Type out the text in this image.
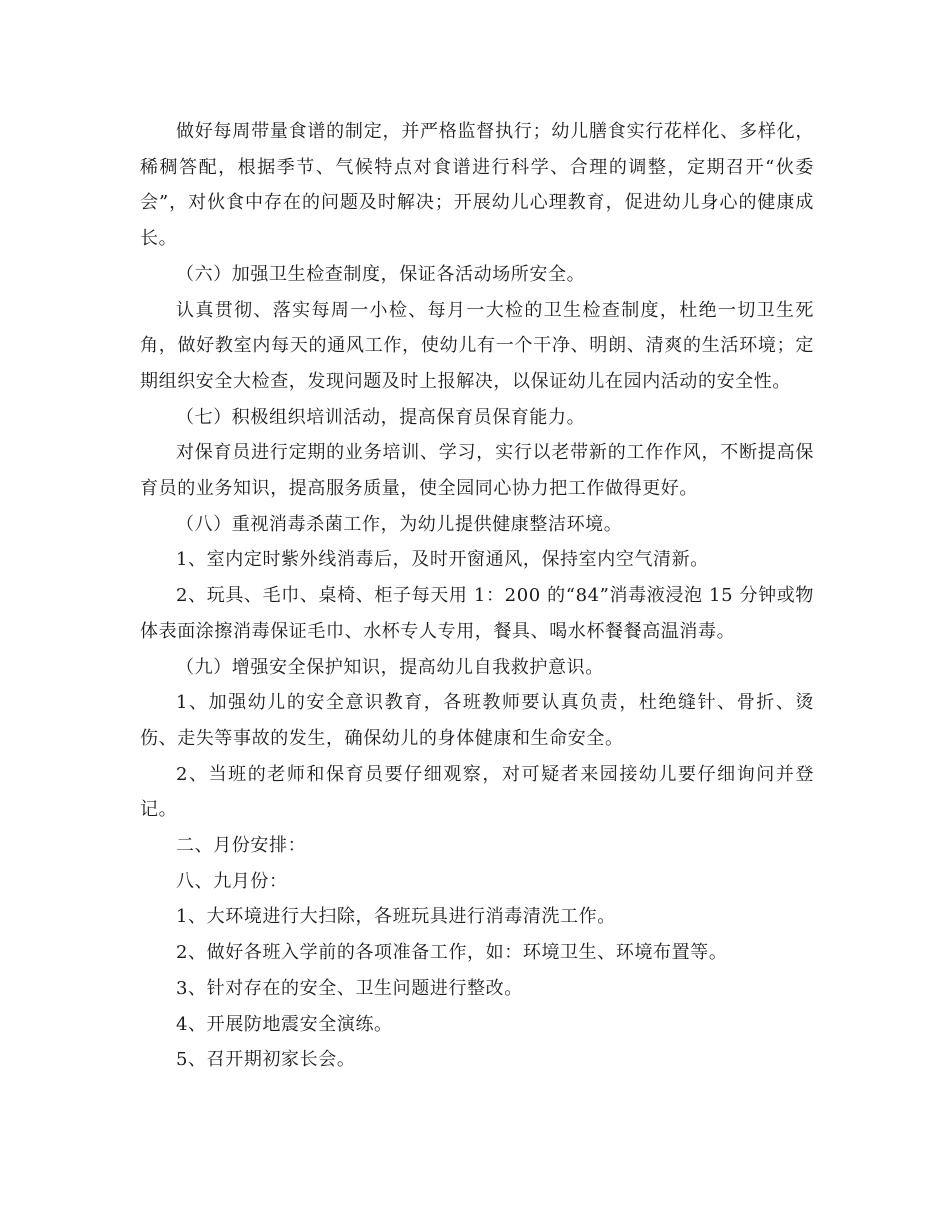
做好每周带量食谱的制定，并严格监督执行；幼儿膳食实行花样化、多样化，稀稠答配，根据季节、气候特点对食谱进行科学、合理的调整，定期召开“伙委会”，对伙食中存在的问题及时解决；开展幼儿心理教育，促进幼儿身心的健康成长。

（六）加强卫生检查制度，保证各活动场所安全。

认真贯彻、落实每周一小检、每月一大检的卫生检查制度，杜绝一切卫生死角，做好教室内每天的通风工作，使幼儿有一个干净、明朗、清爽的生活环境；定期组织安全大检查，发现问题及时上报解决，以保证幼儿在园内活动的安全性。

（七）积极组织培训活动，提高保育员保育能力。

对保育员进行定期的业务培训、学习，实行以老带新的工作作风，不断提高保育员的业务知识，提高服务质量，使全园同心协力把工作做得更好。

（八）重视消毒杀菌工作，为幼儿提供健康整洁环境。

1、室内定时紫外线消毒后，及时开窗通风，保持室内空气清新。

2、玩具、毛巾、桌椅、柜子每天用 1：200 的“84”消毒液浸泡 15 分钟或物体表面涂擦消毒保证毛巾、水杯专人专用，餐具、喝水杯餐餐高温消毒。

（九）增强安全保护知识，提高幼儿自我救护意识。

1、加强幼儿的安全意识教育，各班教师要认真负责，杜绝缝针、骨折、烫伤、走失等事故的发生，确保幼儿的身体健康和生命安全。

2、当班的老师和保育员要仔细观察，对可疑者来园接幼儿要仔细询问并登记。

二、月份安排：

八、九月份：

1、大环境进行大扫除，各班玩具进行消毒清洗工作。

2、做好各班入学前的各项准备工作，如：环境卫生、环境布置等。

3、针对存在的安全、卫生问题进行整改。

4、开展防地震安全演练。

5、召开期初家长会。
